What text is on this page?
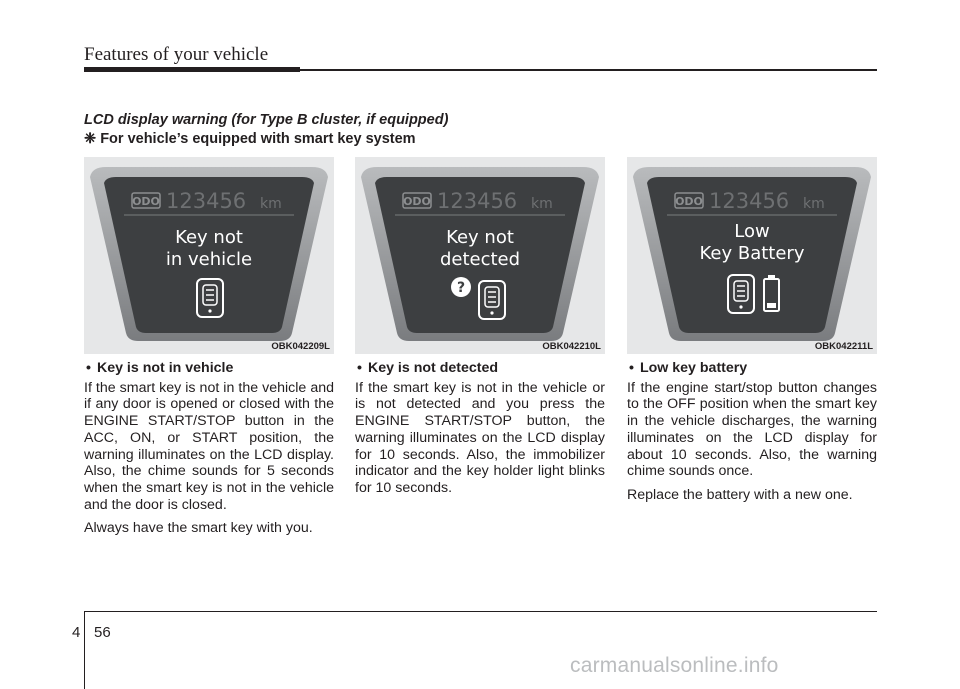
Features of your vehicle
LCD display warning (for Type B cluster, if equipped)
❈ For vehicle’s equipped with smart key system
ODO 123456 km
Key not
in vehicle
OBK042209L
ODO 123456 km
Key not
detected
?
OBK042210L
ODO 123456 km
Low
Key Battery
OBK042211L
• Key is not in vehicle

If the smart key is not in the vehicle and if any door is opened or closed with the ENGINE START/STOP button in the ACC, ON, or START position, the warning illuminates on the LCD display. Also, the chime sounds for 5 seconds when the smart key is not in the vehicle and the door is closed.

Always have the smart key with you.

• Key is not detected

If the smart key is not in the vehicle or is not detected and you press the ENGINE START/STOP button, the warning illuminates on the LCD display for 10 seconds. Also, the immobilizer indicator and the key holder light blinks for 10 seconds.

• Low key battery

If the engine start/stop button changes to the OFF position when the smart key in the vehicle discharges, the warning illuminates on the LCD display for about 10 seconds. Also, the warning chime sounds once.

Replace the battery with a new one.

4 56
carmanualsonline.info
